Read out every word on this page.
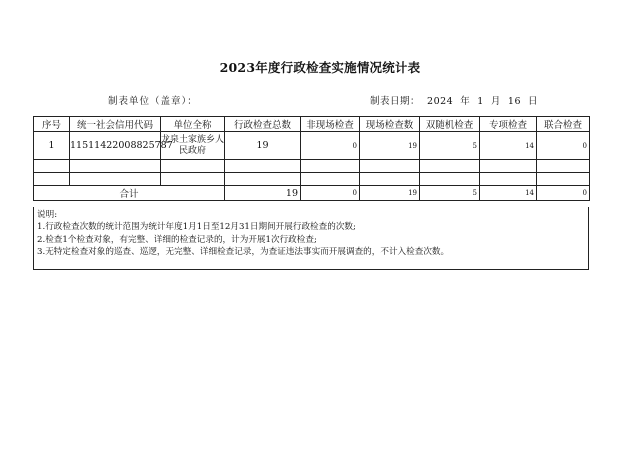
2023年度行政检查实施情况统计表
制表单位（盖章）：	制表日期：  2024  年  1  月  16  日
序号	统一社会信用代码	单位全称	行政检查总数	非现场检查	现场检查数	双随机检查	专项检查	联合检查
1	11511422008825787	龙泉土家族乡人民政府	19	0	19	5	14	0

合计			19	0	19	5	14	0
说明:
1.行政检查次数的统计范围为统计年度1月1日至12月31日期间开展行政检查的次数;
2.检查1个检查对象，有完整、详细的检查记录的，计为开展1次行政检查;
3.无特定检查对象的巡查、巡逻，无完整、详细检查记录，为查证违法事实而开展调查的，不计入检查次数。
